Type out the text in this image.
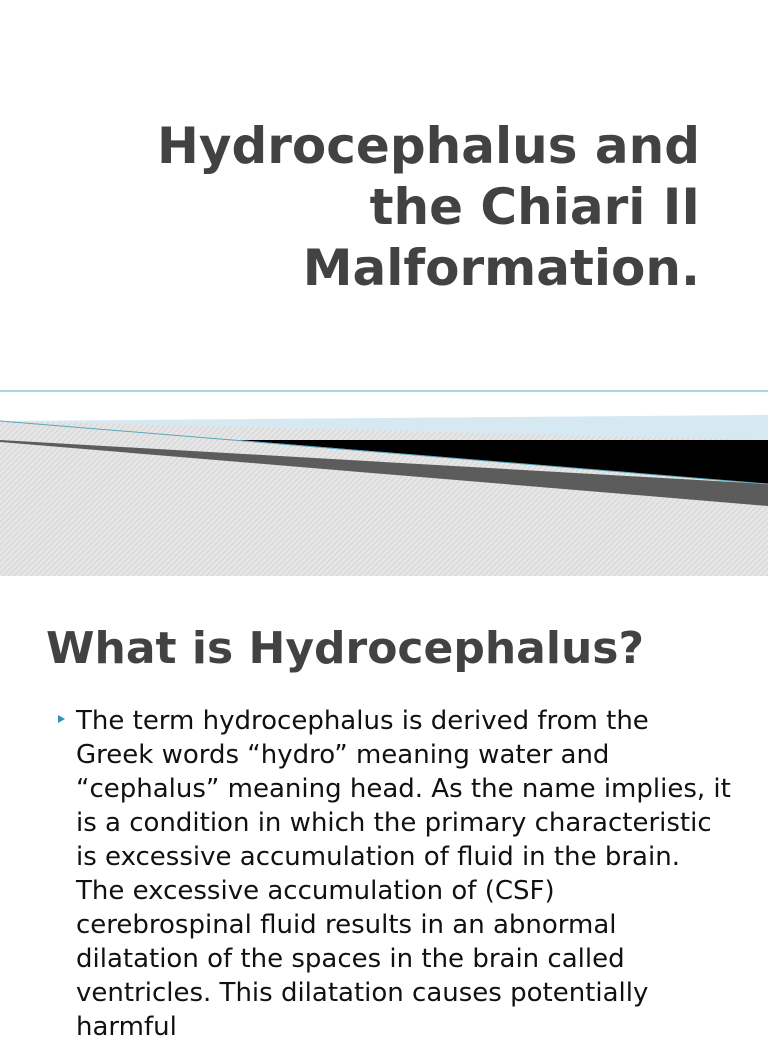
Hydrocephalus and
the Chiari II
Malformation.
What is Hydrocephalus?
The term hydrocephalus is derived from the Greek words “hydro” meaning water and “cephalus” meaning head. As the name implies, it is a condition in which the primary characteristic is excessive accumulation of fluid in the brain. The excessive accumulation of (CSF) cerebrospinal fluid results in an abnormal dilatation of the spaces in the brain called ventricles. This dilatation causes potentially harmful
